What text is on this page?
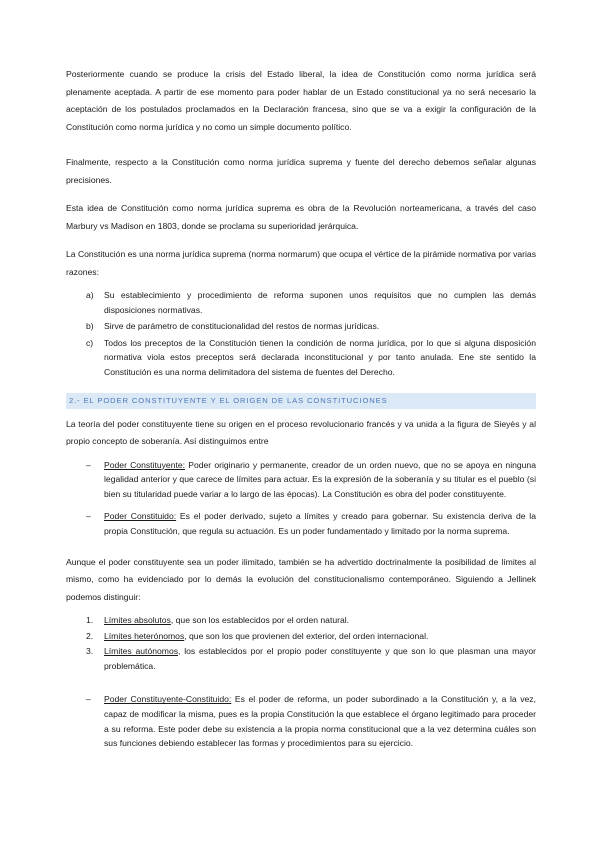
Posteriormente cuando se produce la crisis del Estado liberal, la idea de Constitución como norma jurídica será plenamente aceptada. A partir de ese momento para poder hablar de un Estado constitucional ya no será necesario la aceptación de los postulados proclamados en la Declaración francesa, sino que se va a exigir la configuración de la Constitución como norma jurídica y no como un simple documento político.

Finalmente, respecto a la Constitución como norma jurídica suprema y fuente del derecho debemos señalar algunas precisiones.

Esta idea de Constitución como norma jurídica suprema es obra de la Revolución norteamericana, a través del caso Marbury vs Madison en 1803, donde se proclama su superioridad jerárquica.

La Constitución es una norma jurídica suprema (norma normarum) que ocupa el vértice de la pirámide normativa por varias razones:

a) Su establecimiento y procedimiento de reforma suponen unos requisitos que no cumplen las demás disposiciones normativas.
b) Sirve de parámetro de constitucionalidad del restos de normas jurídicas.
c) Todos los preceptos de la Constitución tienen la condición de norma jurídica, por lo que si alguna disposición normativa viola estos preceptos será declarada inconstitucional y por tanto anulada. Ene ste sentido la Constitución es una norma delimitadora del sistema de fuentes del Derecho.
2.- EL PODER CONSTITUYENTE Y EL ORIGEN DE LAS CONSTITUCIONES

La teoría del poder constituyente tiene su origen en el proceso revolucionario francés y va unida a la figura de Sieyès y al propio concepto de soberanía. Así distinguimos entre

– Poder Constituyente: Poder originario y permanente, creador de un orden nuevo, que no se apoya en ninguna legalidad anterior y que carece de límites para actuar. Es la expresión de la soberanía y su titular es el pueblo (si bien su titularidad puede variar a lo largo de las épocas). La Constitución es obra del poder constituyente.
– Poder Constituido: Es el poder derivado, sujeto a límites y creado para gobernar. Su existencia deriva de la propia Constitución, que regula su actuación. Es un poder fundamentado y limitado por la norma suprema.

Aunque el poder constituyente sea un poder ilimitado, también se ha advertido doctrinalmente la posibilidad de límites al mismo, como ha evidenciado por lo demás la evolución del constitucionalismo contemporáneo. Siguiendo a Jellinek podemos distinguir:

1. Límites absolutos, que son los establecidos por el orden natural.
2. Límites heterónomos, que son los que provienen del exterior, del orden internacional.
3. Límites autónomos, los establecidos por el propio poder constituyente y que son lo que plasman una mayor problemática.
– Poder Constituyente-Constituido: Es el poder de reforma, un poder subordinado a la Constitución y, a la vez, capaz de modificar la misma, pues es la propia Constitución la que establece el órgano legitimado para proceder a su reforma. Este poder debe su existencia a la propia norma constitucional que a la vez determina cuáles son sus funciones debiendo establecer las formas y procedimientos para su ejercicio.
